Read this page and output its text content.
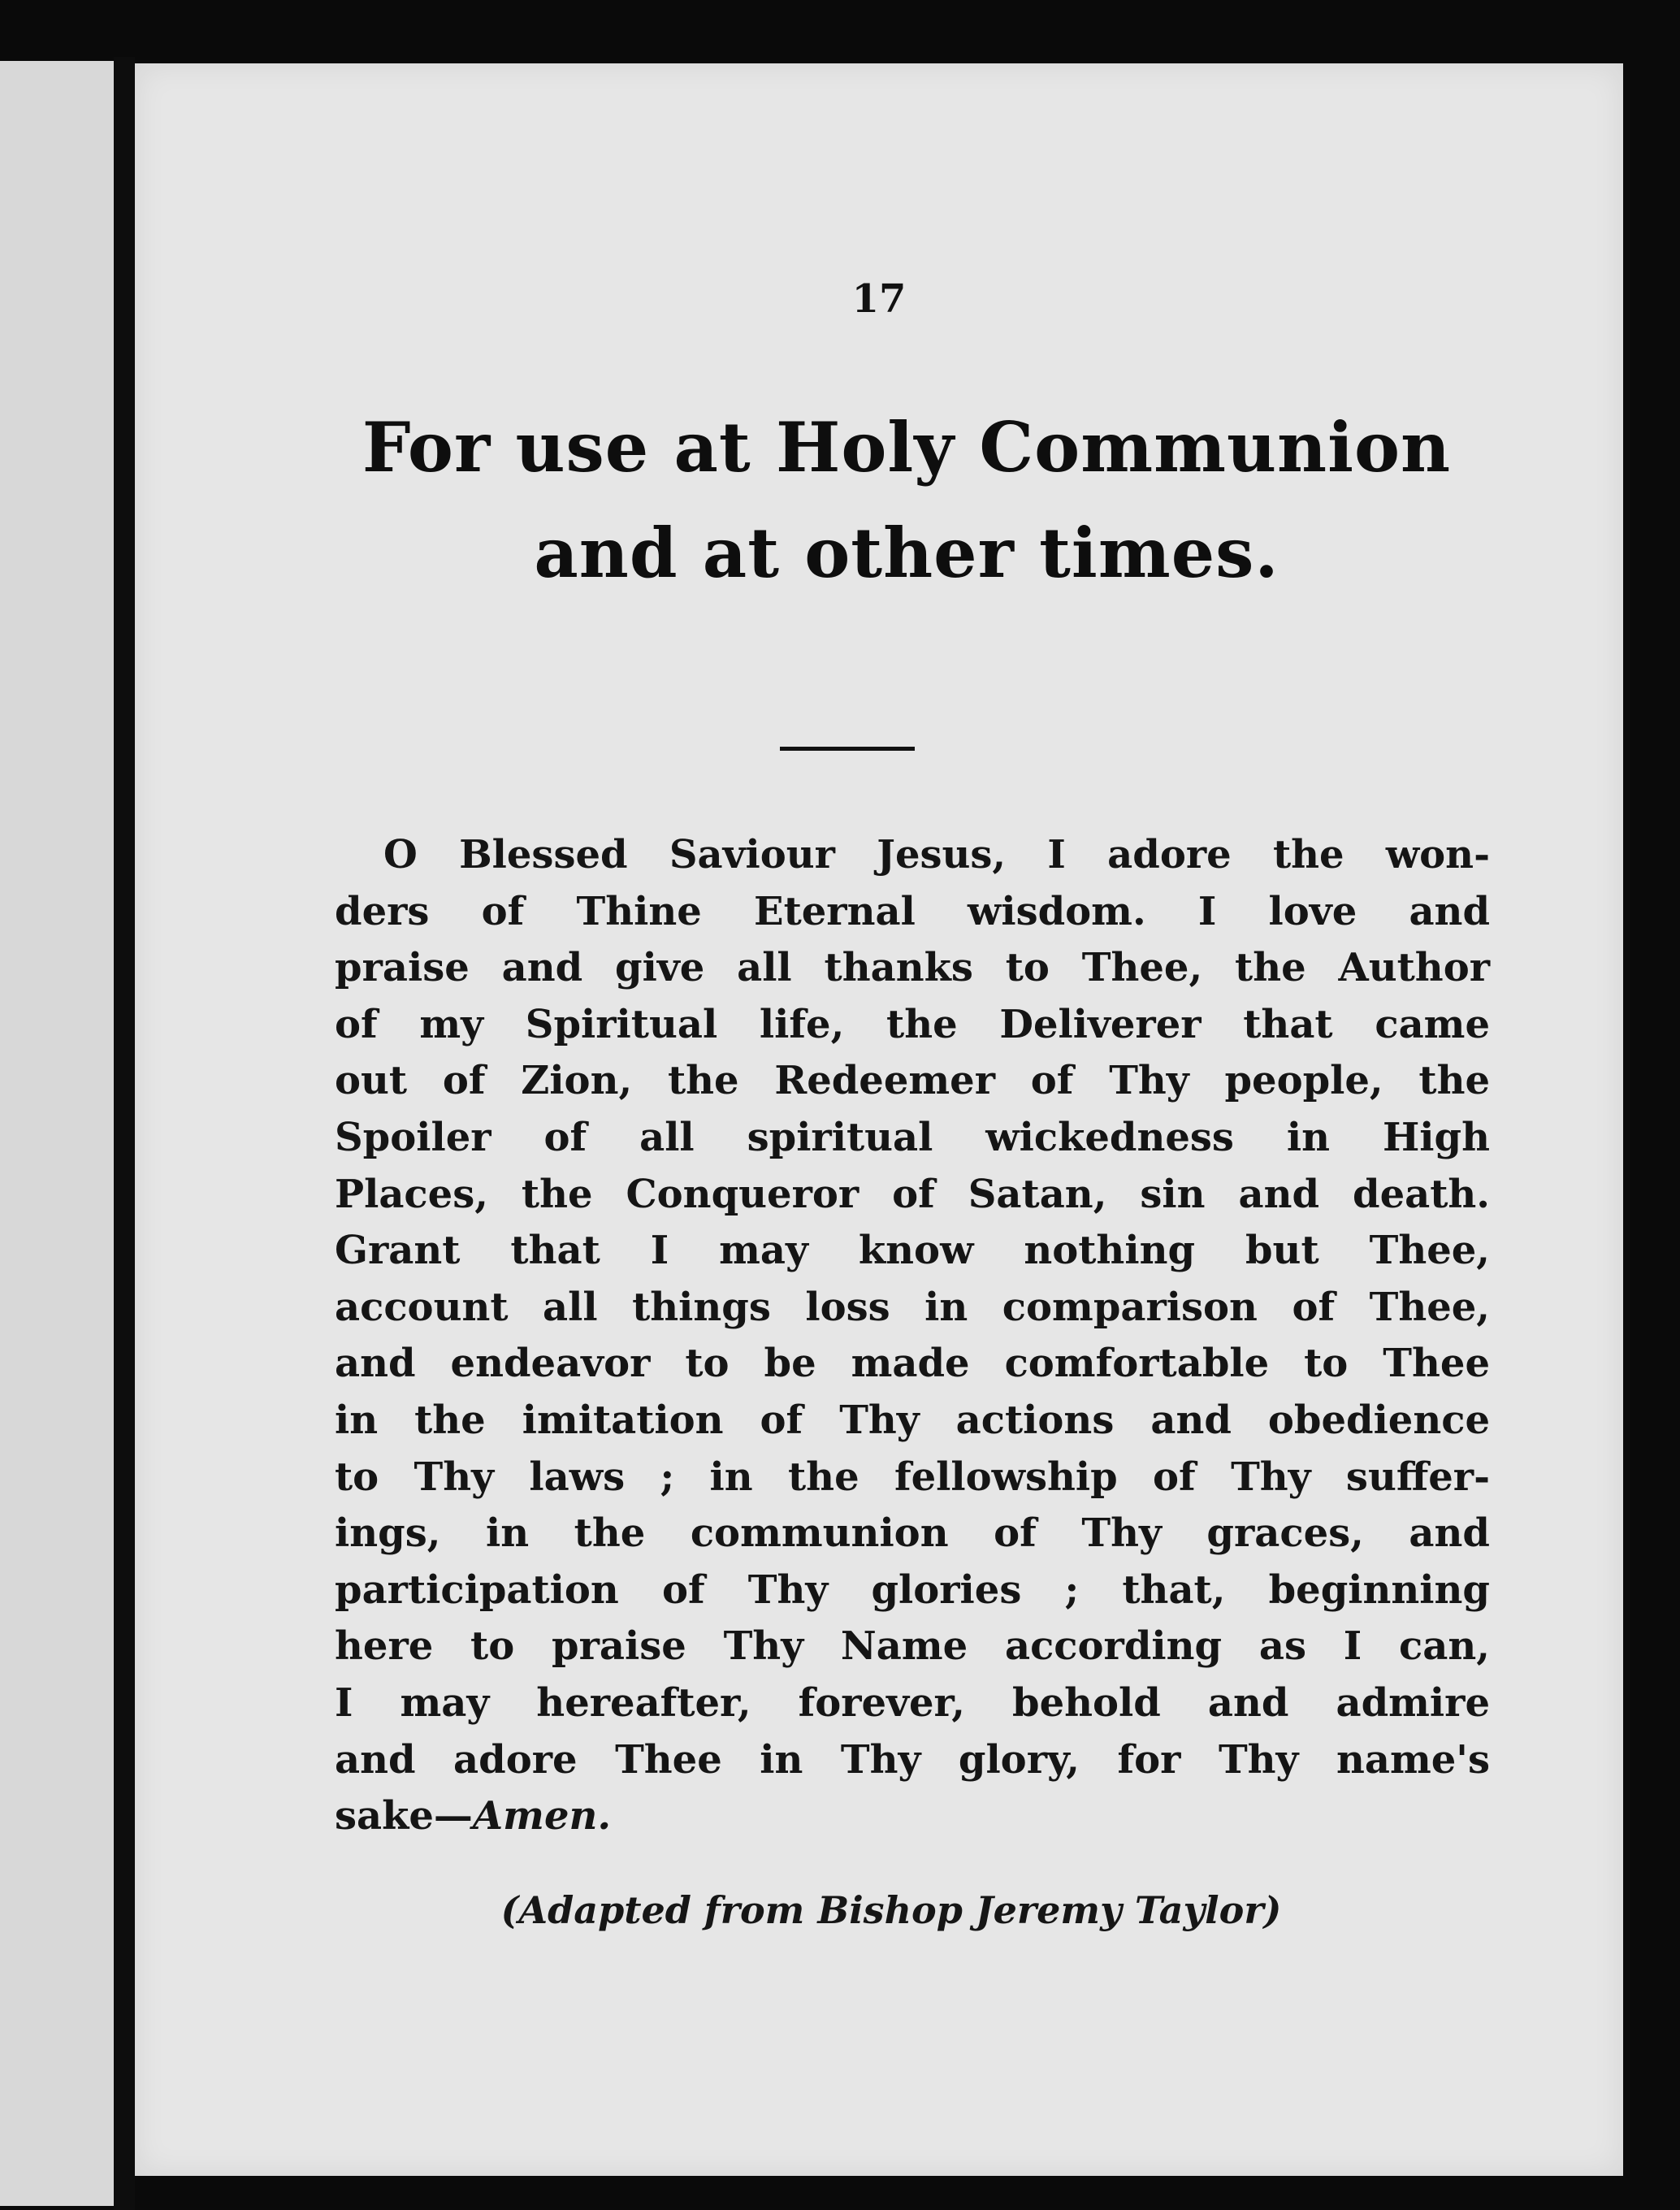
17
For use at Holy Communion
and at other times.

O Blessed Saviour Jesus, I adore the won-
ders of Thine Eternal wisdom. I love and
praise and give all thanks to Thee, the Author
of my Spiritual life, the Deliverer that came
out of Zion, the Redeemer of Thy people, the
Spoiler of all spiritual wickedness in High
Places, the Conqueror of Satan, sin and death.
Grant that I may know nothing but Thee,
account all things loss in comparison of Thee,
and endeavor to be made comfortable to Thee
in the imitation of Thy actions and obedience
to Thy laws ; in the fellowship of Thy suffer-
ings, in the communion of Thy graces, and
participation of Thy glories ; that, beginning
here to praise Thy Name according as I can,
I may hereafter, forever, behold and admire
and adore Thee in Thy glory, for Thy name's
sake—Amen.

(Adapted from Bishop Jeremy Taylor)
